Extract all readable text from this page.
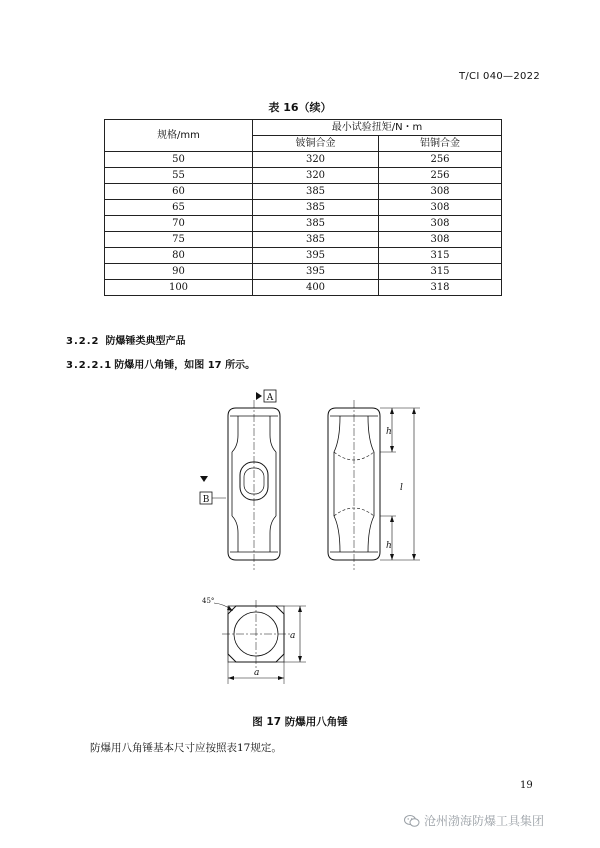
T/CI 040—2022
表 16（续）
规格/mm	最小试验扭矩/N・m	
	铍铜合金	铝铜合金
50	320	256
55	320	256
60	385	308
65	385	308
70	385	308
75	385	308
80	395	315
90	395	315
100	400	318
3.2.2 防爆锤类典型产品
3.2.2.1 防爆用八角锤，如图 17 所示。
A
B
h
l
h
45°
a
a
图 17 防爆用八角锤
防爆用八角锤基本尺寸应按照表17规定。
19
沧州渤海防爆工具集团
